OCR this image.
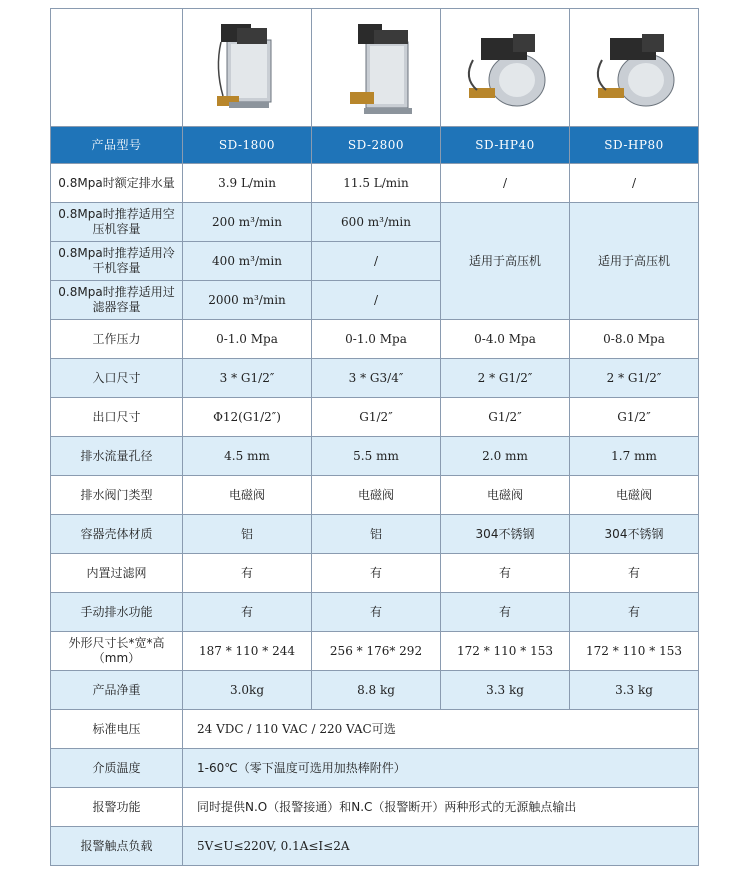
产品型号	SD-1800	SD-2800	SD-HP40	SD-HP80
0.8Mpa时额定排水量	3.9 L/min	11.5 L/min	/	/
0.8Mpa时推荐适用空压机容量	200 m³/min	600 m³/min	适用于高压机	适用于高压机
0.8Mpa时推荐适用冷干机容量	400 m³/min	/		
0.8Mpa时推荐适用过滤器容量	2000 m³/min	/		
工作压力	0-1.0 Mpa	0-1.0 Mpa	0-4.0 Mpa	0-8.0 Mpa
入口尺寸	3 * G1/2″	3 * G3/4″	2 * G1/2″	2 * G1/2″
出口尺寸	Φ12(G1/2″)	G1/2″	G1/2″	G1/2″
排水流量孔径	4.5 mm	5.5 mm	2.0 mm	1.7 mm
排水阀门类型	电磁阀	电磁阀	电磁阀	电磁阀
容器壳体材质	铝	铝	304不锈钢	304不锈钢
内置过滤网	有	有	有	有
手动排水功能	有	有	有	有
外形尺寸长*宽*高（mm）	187 * 110 * 244	256 * 176* 292	172 * 110 * 153	172 * 110 * 153
产品净重	3.0kg	8.8 kg	3.3 kg	3.3 kg
标准电压	24 VDC / 110 VAC / 220 VAC可选			
介质温度	1-60℃（零下温度可选用加热棒附件）			
报警功能	同时提供N.O（报警接通）和N.C（报警断开）两种形式的无源触点输出			
报警触点负载	5V≤U≤220V, 0.1A≤I≤2A			
